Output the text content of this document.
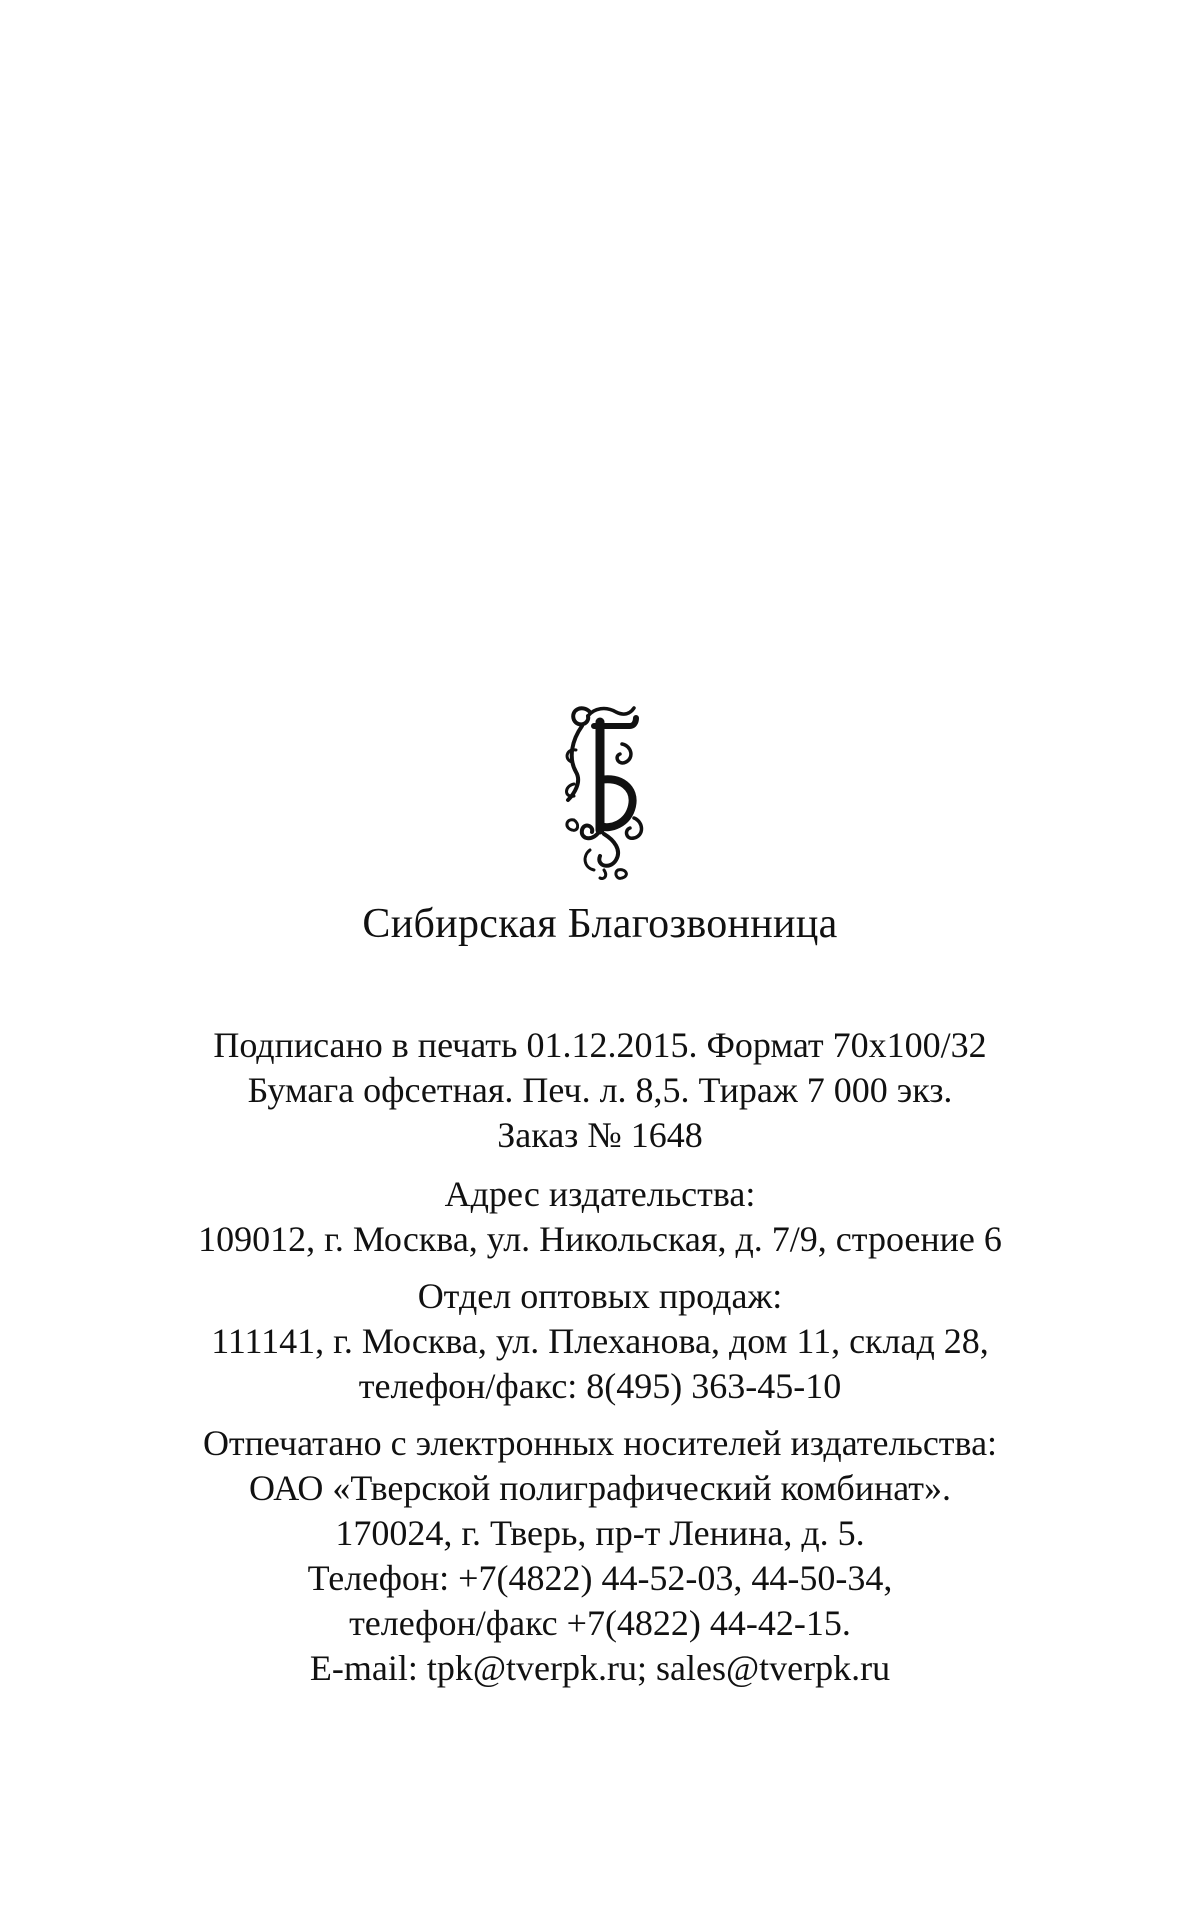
Сибирская Благозвонница
Подписано в печать 01.12.2015. Формат 70x100/32
Бумага офсетная. Печ. л. 8,5. Тираж 7 000 экз.
Заказ № 1648
Адрес издательства:
109012, г. Москва, ул. Никольская, д. 7/9, строение 6
Отдел оптовых продаж:
111141, г. Москва, ул. Плеханова, дом 11, склад 28,
телефон/факс: 8(495) 363-45-10
Отпечатано с электронных носителей издательства:
ОАО «Тверской полиграфический комбинат».
170024, г. Тверь, пр-т Ленина, д. 5.
Телефон: +7(4822) 44-52-03, 44-50-34,
телефон/факс +7(4822) 44-42-15.
E-mail: tpk@tverpk.ru; sales@tverpk.ru
